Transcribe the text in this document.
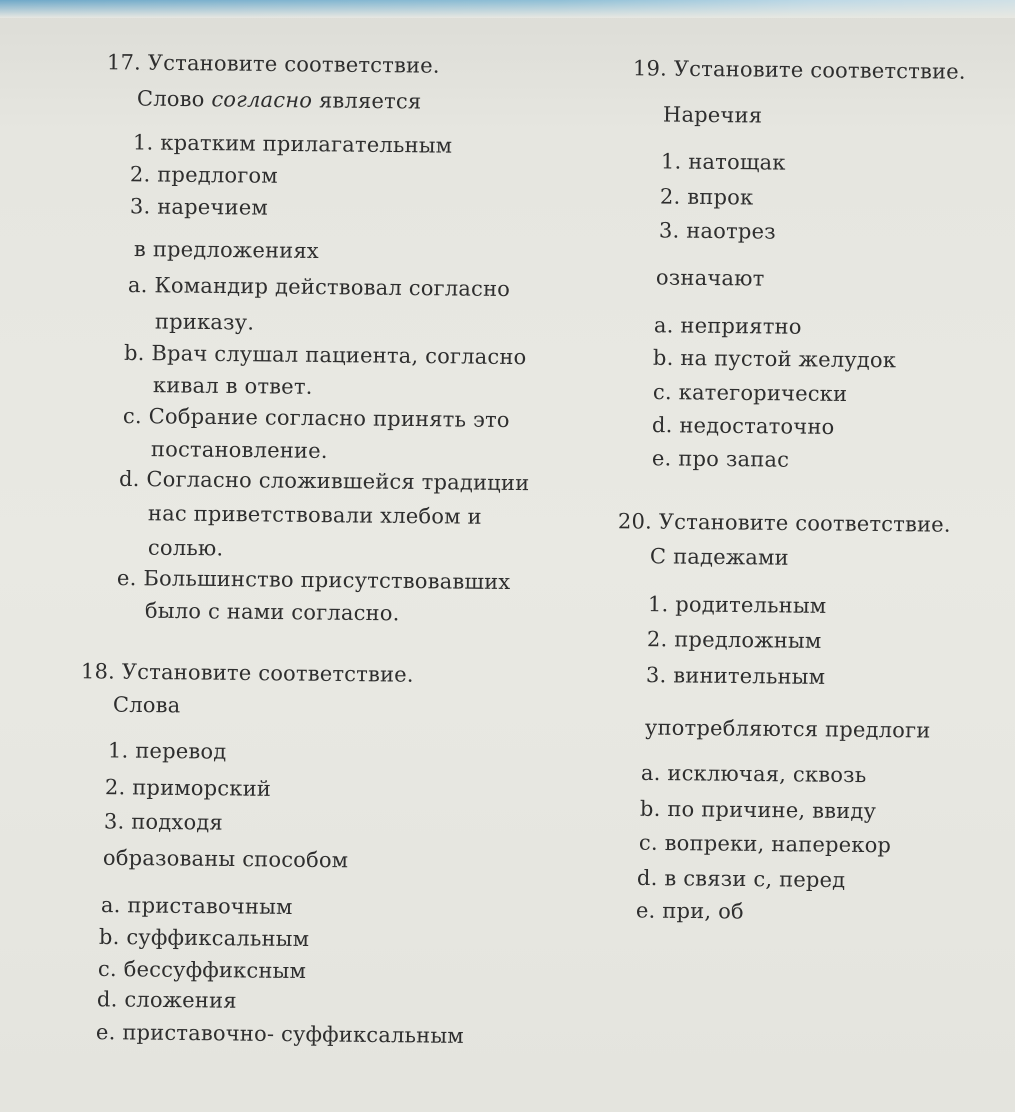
17. Установите соответствие.
Слово согласно является
1. кратким прилагательным
2. предлогом
3. наречием
в предложениях
a. Командир действовал согласно
приказу.
b. Врач слушал пациента, согласно
кивал в ответ.
c. Собрание согласно принять это
постановление.
d. Согласно сложившейся традиции
нас приветствовали хлебом и
солью.
e. Большинство присутствовавших
было с нами согласно.
18. Установите соответствие.
Слова
1. перевод
2. приморский
3. подходя
образованы способом
a. приставочным
b. суффиксальным
c. бессуффиксным
d. сложения
e. приставочно- суффиксальным
19. Установите соответствие.
Наречия
1. натощак
2. впрок
3. наотрез
означают
a. неприятно
b. на пустой желудок
c. категорически
d. недостаточно
e. про запас
20. Установите соответствие.
С падежами
1. родительным
2. предложным
3. винительным
употребляются предлоги
a. исключая, сквозь
b. по причине, ввиду
c. вопреки, наперекор
d. в связи с, перед
e. при, об
